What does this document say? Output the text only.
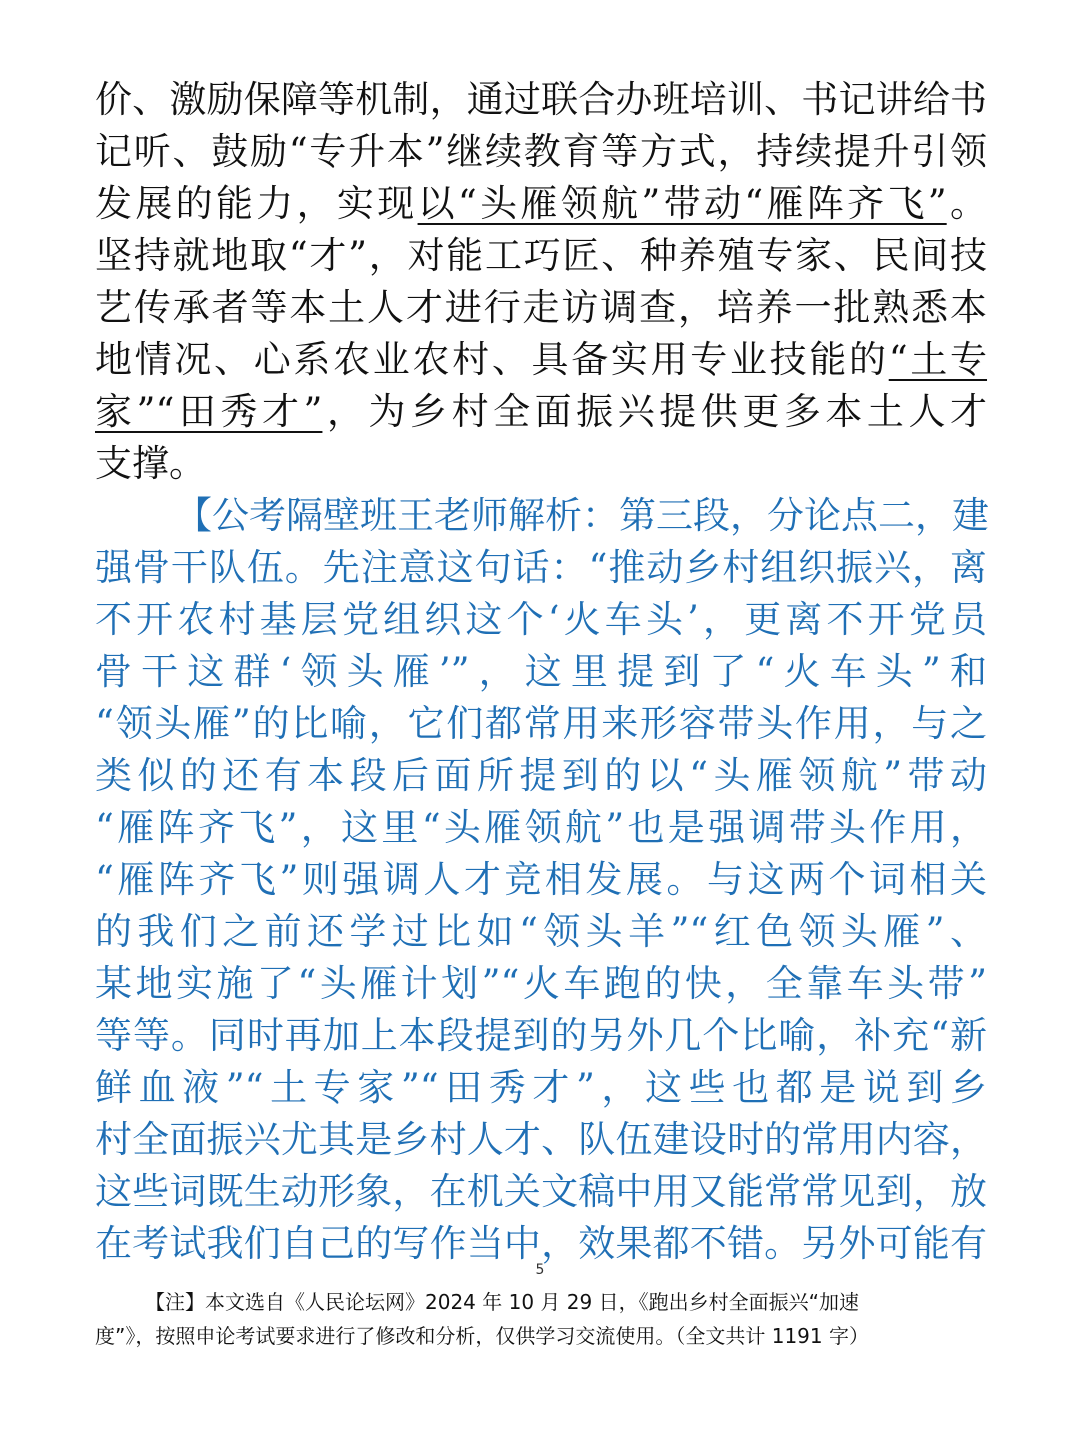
价、激励保障等机制，通过联合办班培训、书记讲给书
记听、鼓励“专升本”继续教育等方式，持续提升引领
发展的能力，实现以“头雁领航”带动“雁阵齐飞”。
坚持就地取“才”，对能工巧匠、种养殖专家、民间技
艺传承者等本土人才进行走访调查，培养一批熟悉本
地情况、心系农业农村、具备实用专业技能的“土专
家”“田秀才”，为乡村全面振兴提供更多本土人才
支撑。
【公考隔壁班王老师解析：第三段，分论点二，建
强骨干队伍。先注意这句话：“推动乡村组织振兴，离
不开农村基层党组织这个‘火车头’，更离不开党员
骨干这群‘领头雁’”，这里提到了“火车头”和
“领头雁”的比喻，它们都常用来形容带头作用，与之
类似的还有本段后面所提到的以“头雁领航”带动
“雁阵齐飞”，这里“头雁领航”也是强调带头作用，
“雁阵齐飞”则强调人才竞相发展。与这两个词相关
的我们之前还学过比如“领头羊”“红色领头雁”、
某地实施了“头雁计划”“火车跑的快，全靠车头带”
等等。同时再加上本段提到的另外几个比喻，补充“新
鲜血液”“土专家”“田秀才”，这些也都是说到乡
村全面振兴尤其是乡村人才、队伍建设时的常用内容，
这些词既生动形象，在机关文稿中用又能常常见到，放
在考试我们自己的写作当中，效果都不错。另外可能有
5
【注】本文选自《人民论坛网》2024 年 10 月 29 日，《跑出乡村全面振兴“加速
度”》，按照申论考试要求进行了修改和分析，仅供学习交流使用。（全文共计 1191 字）
